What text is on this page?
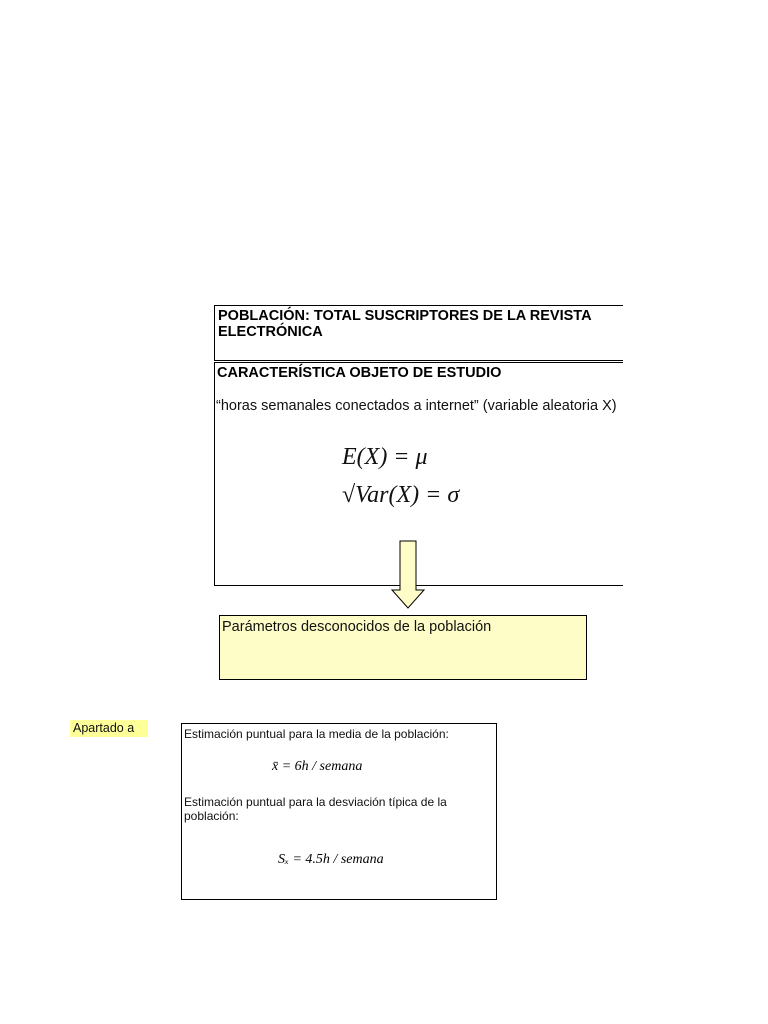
POBLACIÓN: TOTAL SUSCRIPTORES DE LA REVISTA ELECTRÓNICA
CARACTERÍSTICA OBJETO DE ESTUDIO
“horas semanales conectados a internet” (variable aleatoria X)
E(X) = μ
√Var(X) = σ
Parámetros desconocidos de la población
Apartado a	Estimación puntual para la media de la población:
x̄ = 6h / semana
Estimación puntual para la desviación típica de la población:
Sₓ = 4.5h / semana
